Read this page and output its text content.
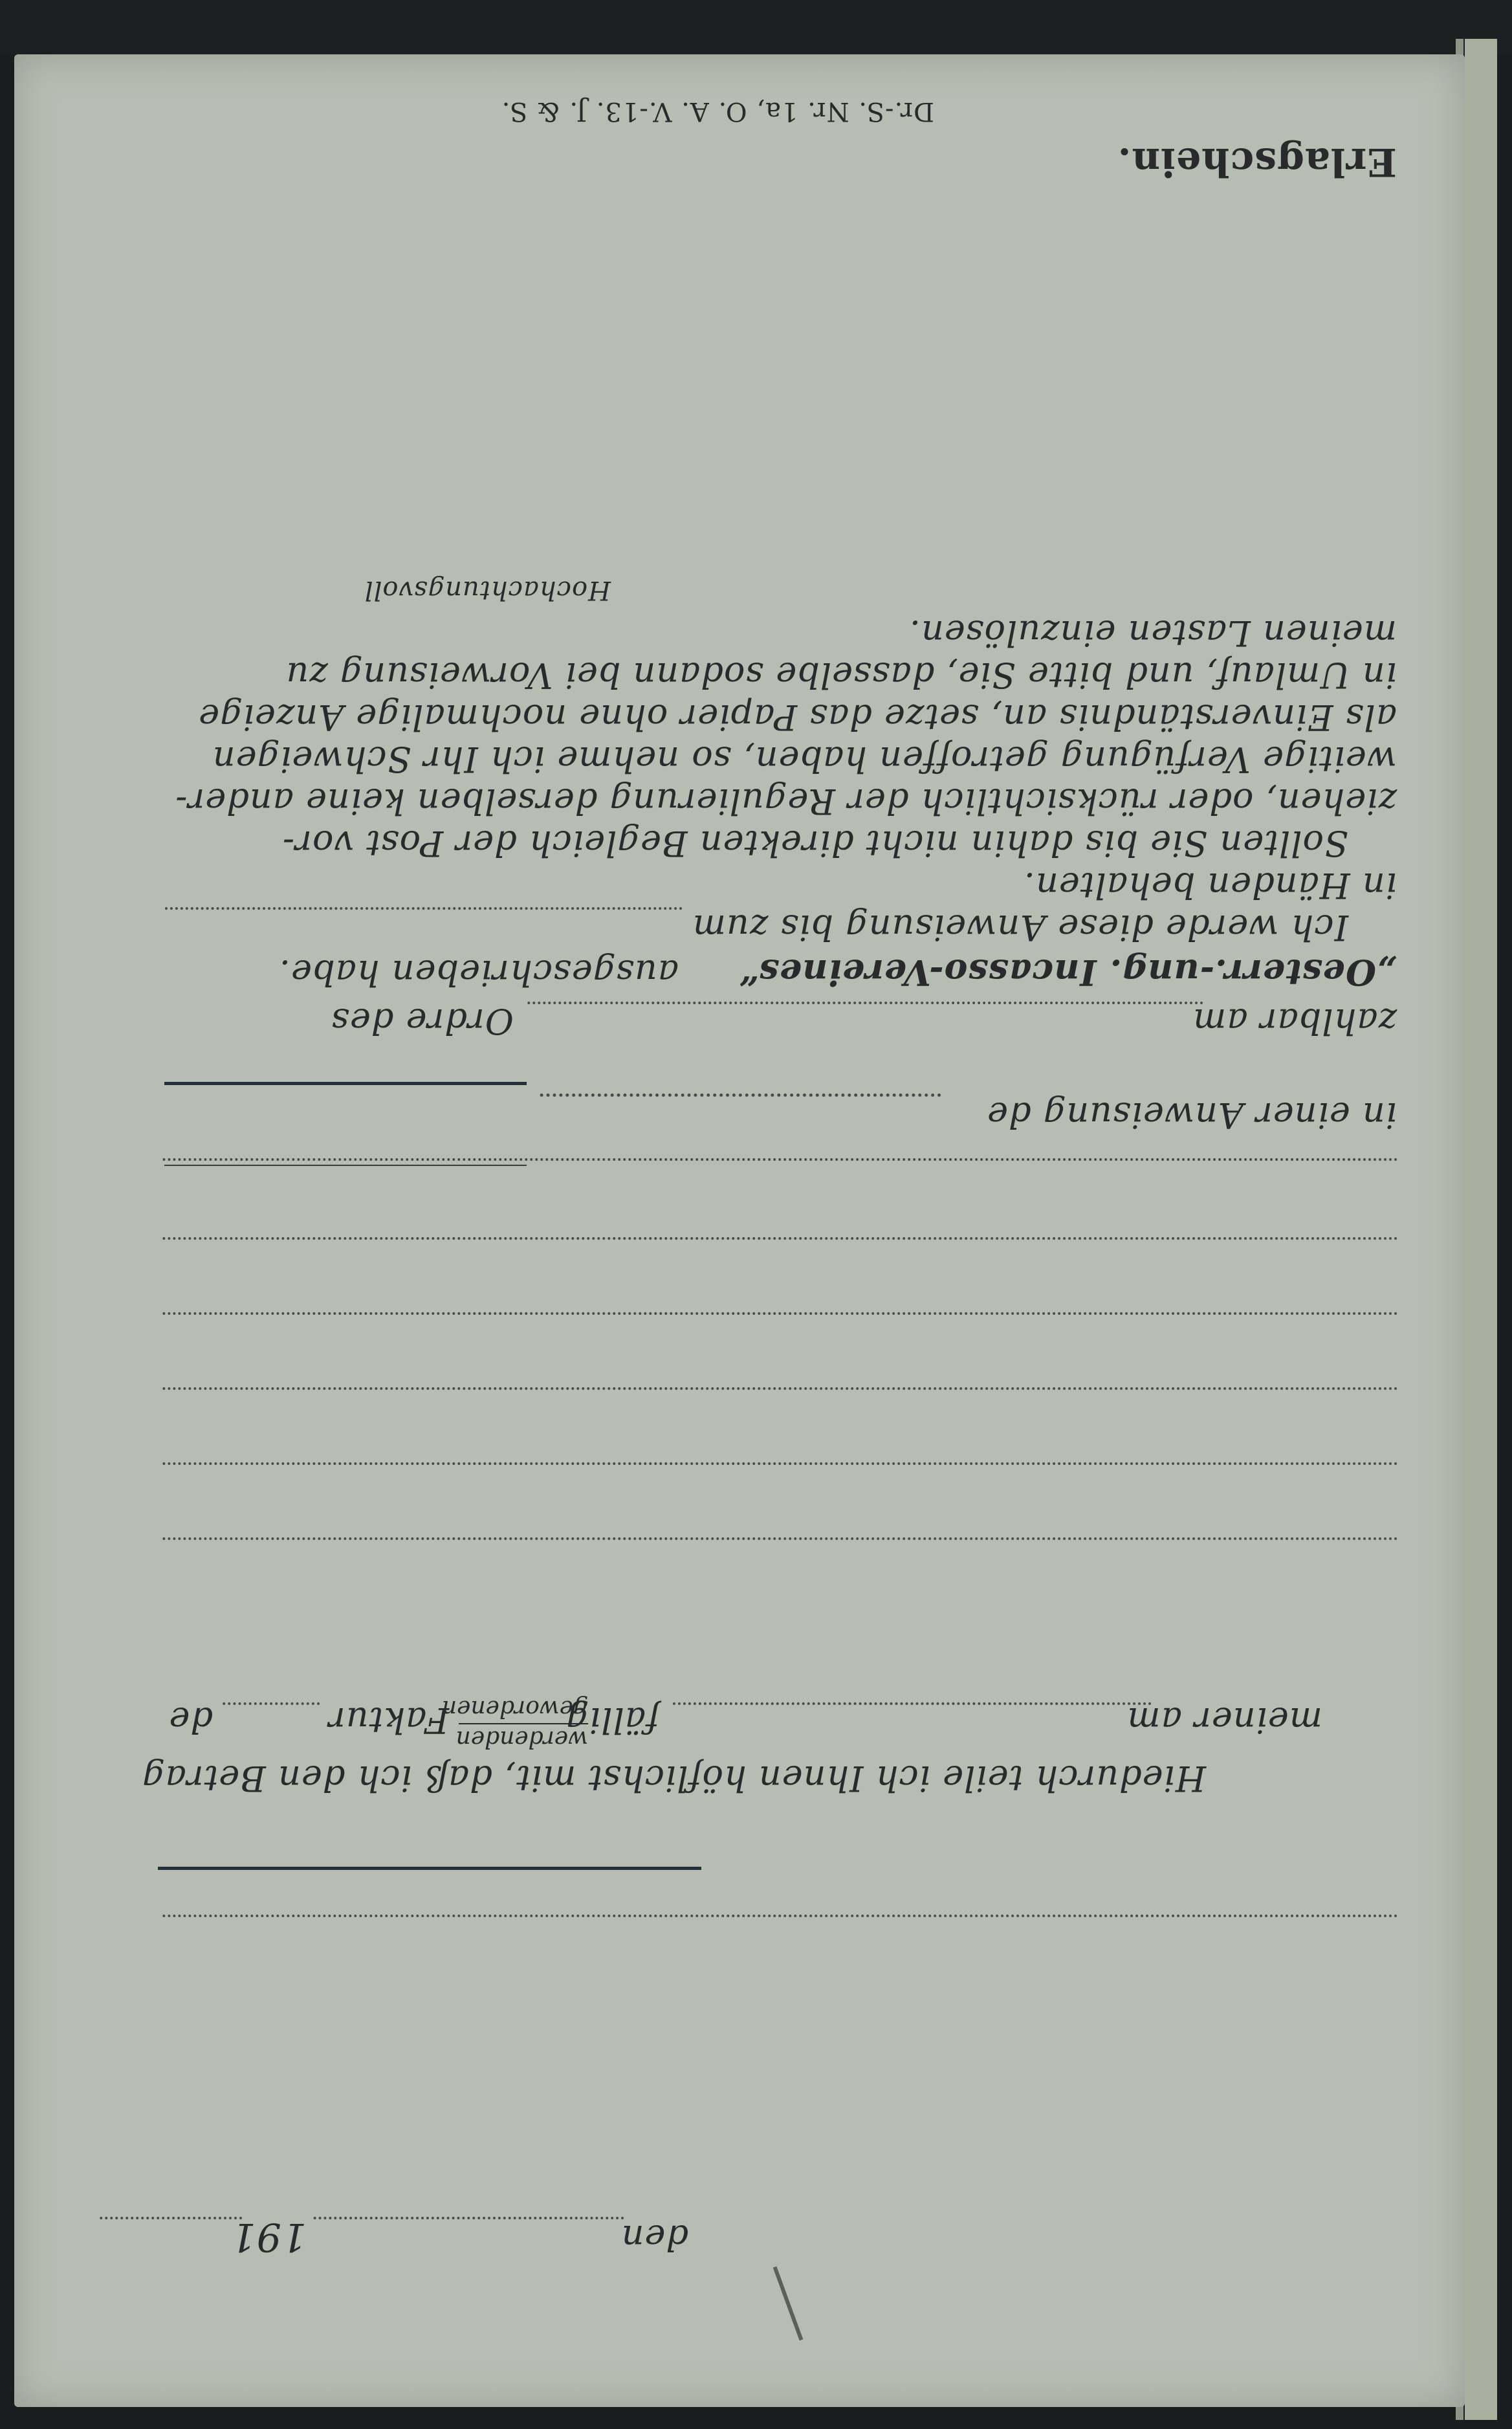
den
191
Hiedurch teile ich Ihnen höflichst mit, daß ich den Betrag
meiner am
fällig
werdenden
gewordenen
Faktur
de
in einer Anweisung de
zahlbar am
Ordre des
„Oesterr.-ung. Incasso-Vereines“
ausgeschrieben habe.
Ich werde diese Anweisung bis zum
in Händen behalten.
Sollten Sie bis dahin nicht direkten Begleich der Post vor-
ziehen, oder rücksichtlich der Regulierung derselben keine ander-
weitige Verfügung getroffen haben, so nehme ich Ihr Schweigen
als Einverständnis an, setze das Papier ohne nochmalige Anzeige
in Umlauf, und bitte Sie, dasselbe sodann bei Vorweisung zu
meinen Lasten einzulösen.
Hochachtungsvoll
Erlagschein.
Dr.-S. Nr. 1a, O. A. V.-13. J. & S.
